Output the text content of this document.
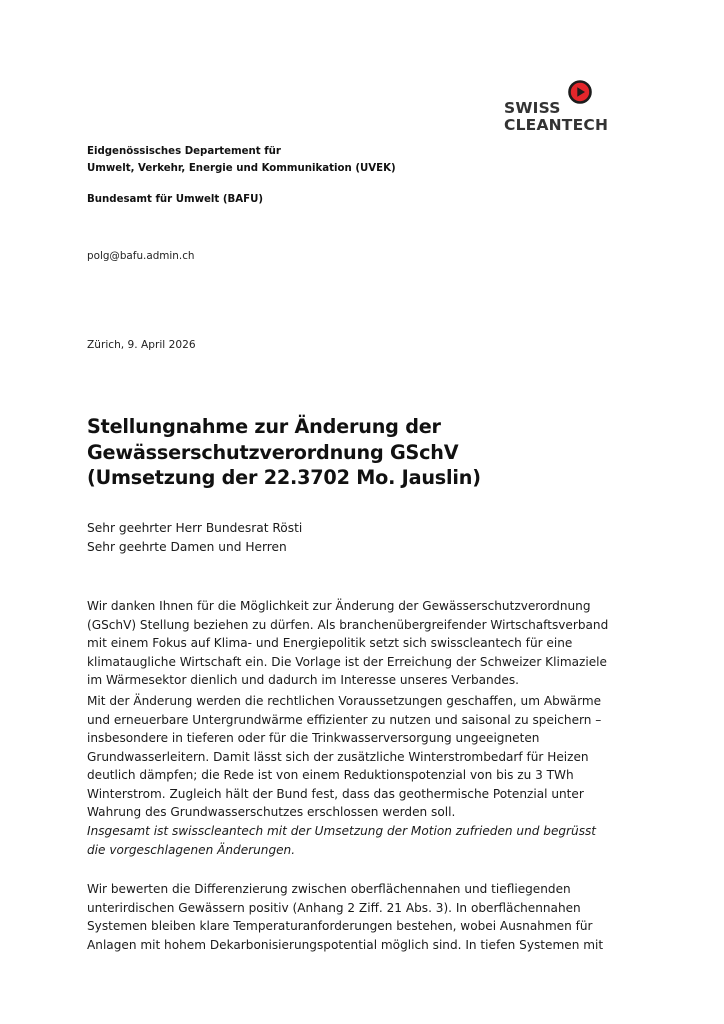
SWISS
CLEANTECH
Eidgenössisches Departement für
Umwelt, Verkehr, Energie und Kommunikation (UVEK)
Bundesamt für Umwelt (BAFU)
polg@bafu.admin.ch
Zürich, 9. April 2026
Stellungnahme zur Änderung der
Gewässerschutzverordnung GSchV
(Umsetzung der 22.3702 Mo. Jauslin)
Sehr geehrter Herr Bundesrat Rösti
Sehr geehrte Damen und Herren
Wir danken Ihnen für die Möglichkeit zur Änderung der Gewässerschutzverordnung
(GSchV) Stellung beziehen zu dürfen. Als branchenübergreifender Wirtschaftsverband
mit einem Fokus auf Klima- und Energiepolitik setzt sich swisscleantech für eine
klimataugliche Wirtschaft ein. Die Vorlage ist der Erreichung der Schweizer Klimaziele
im Wärmesektor dienlich und dadurch im Interesse unseres Verbandes.
Mit der Änderung werden die rechtlichen Voraussetzungen geschaffen, um Abwärme
und erneuerbare Untergrundwärme effizienter zu nutzen und saisonal zu speichern –
insbesondere in tieferen oder für die Trinkwasserversorgung ungeeigneten
Grundwasserleitern. Damit lässt sich der zusätzliche Winterstrombedarf für Heizen
deutlich dämpfen; die Rede ist von einem Reduktionspotenzial von bis zu 3 TWh
Winterstrom. Zugleich hält der Bund fest, dass das geothermische Potenzial unter
Wahrung des Grundwasserschutzes erschlossen werden soll.
Insgesamt ist swisscleantech mit der Umsetzung der Motion zufrieden und begrüsst
die vorgeschlagenen Änderungen.
Wir bewerten die Differenzierung zwischen oberflächennahen und tiefliegenden
unterirdischen Gewässern positiv (Anhang 2 Ziff. 21 Abs. 3). In oberflächennahen
Systemen bleiben klare Temperaturanforderungen bestehen, wobei Ausnahmen für
Anlagen mit hohem Dekarbonisierungspotential möglich sind. In tiefen Systemen mit
